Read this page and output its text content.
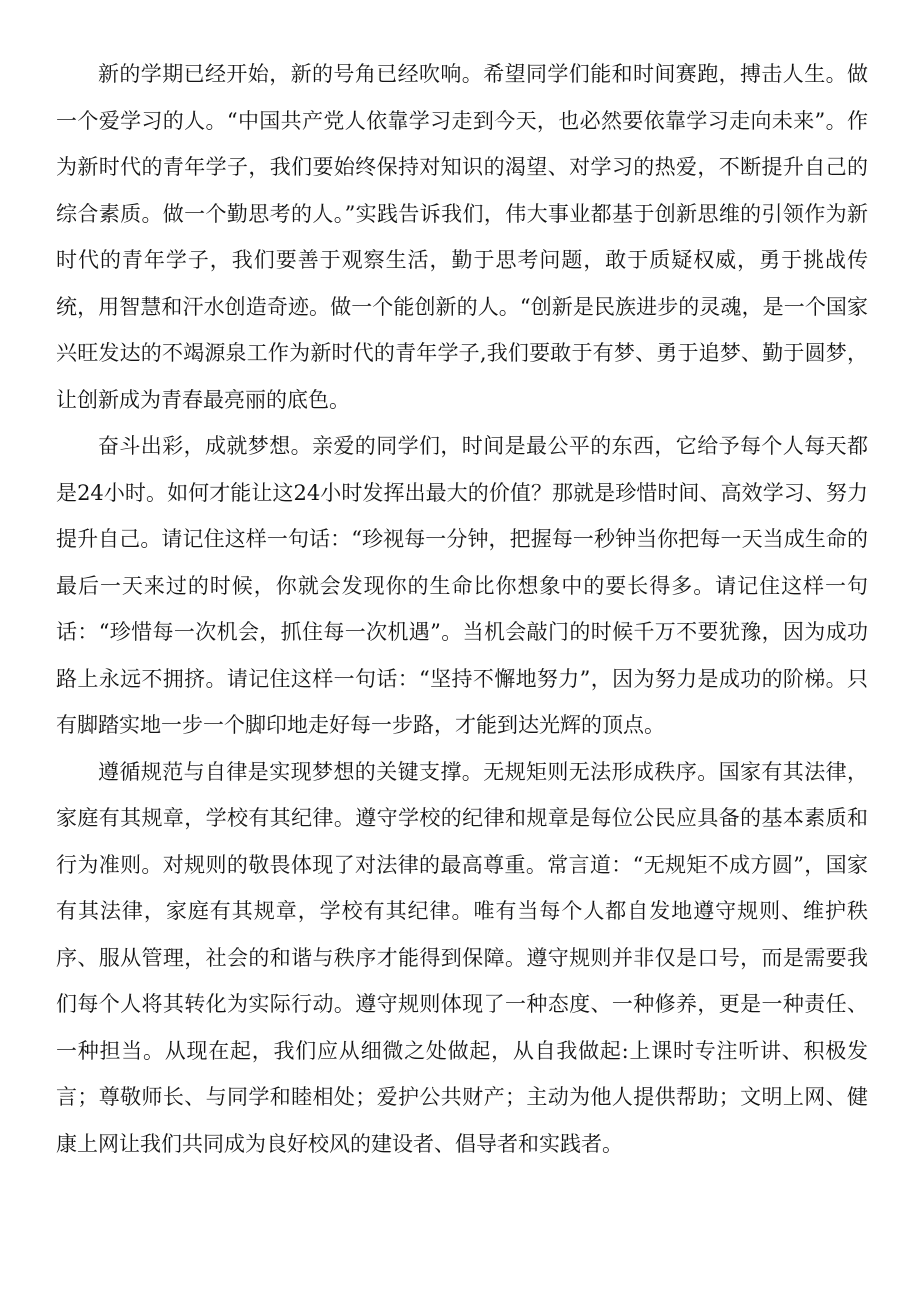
新的学期已经开始，新的号角已经吹响。希望同学们能和时间赛跑，搏击人生。做一个爱学习的人。“中国共产党人依靠学习走到今天，也必然要依靠学习走向未来”。作为新时代的青年学子，我们要始终保持对知识的渴望、对学习的热爱，不断提升自己的综合素质。做一个勤思考的人。”实践告诉我们，伟大事业都基于创新思维的引领作为新时代的青年学子，我们要善于观察生活，勤于思考问题，敢于质疑权威，勇于挑战传统，用智慧和汗水创造奇迹。做一个能创新的人。“创新是民族进步的灵魂，是一个国家兴旺发达的不竭源泉工作为新时代的青年学子,我们要敢于有梦、勇于追梦、勤于圆梦，让创新成为青春最亮丽的底色。

奋斗出彩，成就梦想。亲爱的同学们，时间是最公平的东西，它给予每个人每天都是24小时。如何才能让这24小时发挥出最大的价值？那就是珍惜时间、高效学习、努力提升自己。请记住这样一句话：“珍视每一分钟，把握每一秒钟当你把每一天当成生命的最后一天来过的时候，你就会发现你的生命比你想象中的要长得多。请记住这样一句话：“珍惜每一次机会，抓住每一次机遇”。当机会敲门的时候千万不要犹豫，因为成功路上永远不拥挤。请记住这样一句话：“坚持不懈地努力”，因为努力是成功的阶梯。只有脚踏实地一步一个脚印地走好每一步路，才能到达光辉的顶点。

遵循规范与自律是实现梦想的关键支撑。无规矩则无法形成秩序。国家有其法律，家庭有其规章，学校有其纪律。遵守学校的纪律和规章是每位公民应具备的基本素质和行为准则。对规则的敬畏体现了对法律的最高尊重。常言道：“无规矩不成方圆”，国家有其法律，家庭有其规章，学校有其纪律。唯有当每个人都自发地遵守规则、维护秩序、服从管理，社会的和谐与秩序才能得到保障。遵守规则并非仅是口号，而是需要我们每个人将其转化为实际行动。遵守规则体现了一种态度、一种修养，更是一种责任、一种担当。从现在起，我们应从细微之处做起，从自我做起:上课时专注听讲、积极发言；尊敬师长、与同学和睦相处；爱护公共财产；主动为他人提供帮助；文明上网、健康上网让我们共同成为良好校风的建设者、倡导者和实践者。
